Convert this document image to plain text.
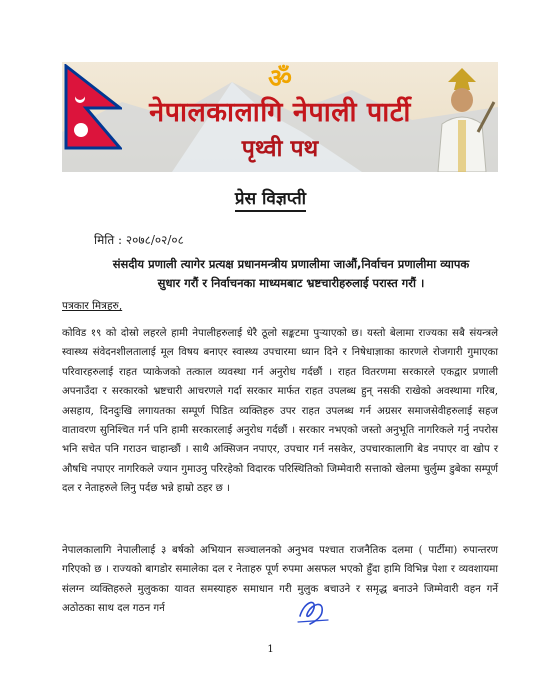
ॐ
नेपालकालागि नेपाली पार्टी
पृथ्वी पथ
प्रेस विज्ञप्ती
मिति : २०७८/०२/०८
संसदीय प्रणाली त्यागेर प्रत्यक्ष प्रधानमन्त्रीय प्रणालीमा जाऔं,निर्वाचन प्रणालीमा व्यापक सुधार गरौं र निर्वाचनका माध्यमबाट भ्रष्टचारीहरुलाई परास्त गरौं ।
पत्रकार मित्रहरु,

कोविड १९ को दोस्रो लहरले हामी नेपालीहरुलाई धेरै ठूलो सङ्कटमा पुऱ्याएको छ। यस्तो बेलामा राज्यका सबै संयन्त्रले स्वास्थ्य संवेदनशीलतालाई मूल विषय बनाएर स्वास्थ्य उपचारमा ध्यान दिने र निषेधाज्ञाका कारणले रोजगारी गुमाएका परिवारहरुलाई राहत प्याकेजको तत्काल व्यवस्था गर्न अनुरोध गर्दछौं । राहत वितरणमा सरकारले एकद्वार प्रणाली अपनाउँदा र सरकारको भ्रष्टचारी आचरणले गर्दा सरकार मार्फत राहत उपलब्ध हुन् नसकी राखेको अवस्थामा गरिब, असहाय, दिनदुःखि लगायतका सम्पूर्ण पिडित व्यक्तिहरु उपर राहत उपलब्ध गर्न अग्रसर समाजसेवीहरुलाई सहज वातावरण सुनिश्चित गर्न पनि हामी सरकारलाई अनुरोध गर्दछौं । सरकार नभएको जस्तो अनुभूति नागरिकले गर्नु नपरोस भनि सचेत पनि गराउन चाहान्छौं । साथै अक्सिजन नपाएर, उपचार गर्न नसकेर, उपचारकालागि बेड नपाएर वा खोप र औषधि नपाएर नागरिकले ज्यान गुमाउनु परिरहेको विदारक परिस्थितिको जिम्मेवारी सत्ताको खेलमा चुर्लुम्म डुबेका सम्पूर्ण दल र नेताहरुले लिनु पर्दछ भन्ने हाम्रो ठहर छ ।

नेपालकालागि नेपालीलाई ३ बर्षको अभियान सञ्चालनको अनुभव पश्चात राजनैतिक दलमा ( पार्टीमा) रुपान्तरण गरिएको छ । राज्यको बागडोर समालेका दल र नेताहरु पूर्ण रुपमा असफल भएको हुँदा हामि विभिन्न पेशा र व्यवशायमा संलग्न व्यक्तिहरुले मुलुकका यावत समस्याहरु समाधान गरी मुलुक बचाउने र समृद्ध बनाउने जिम्मेवारी वहन गर्ने अठोठका साथ दल गठन गर्न

1
